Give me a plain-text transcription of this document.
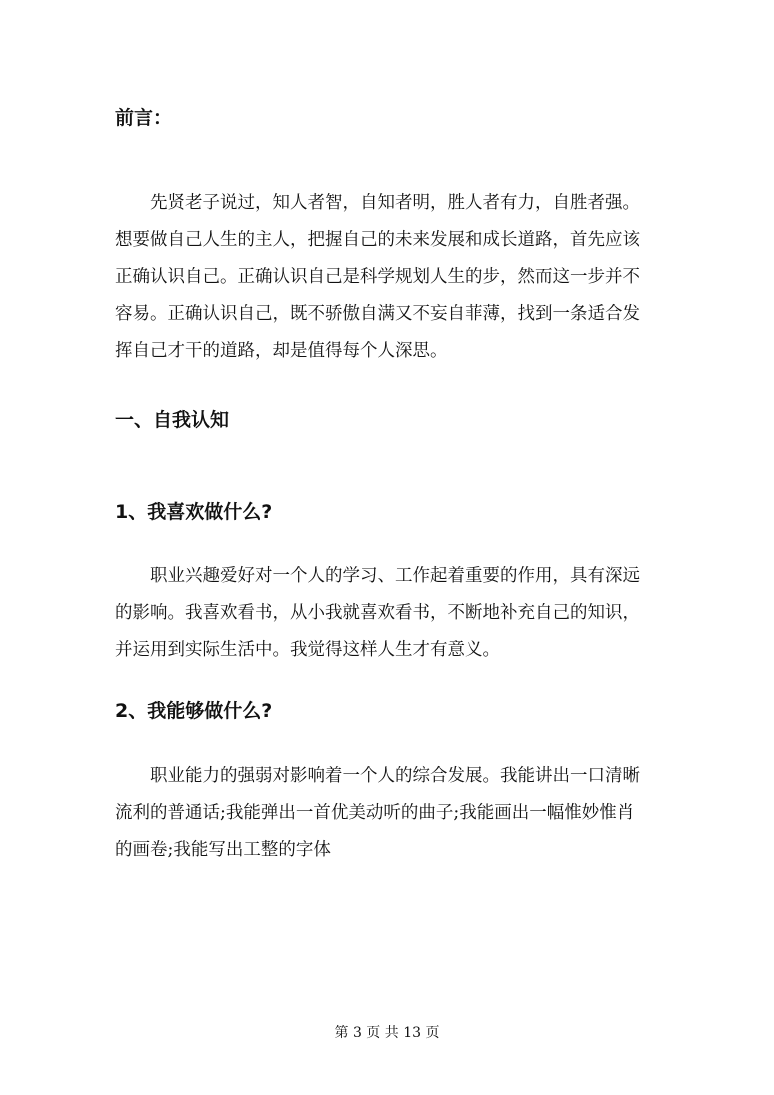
前言：

先贤老子说过，知人者智，自知者明，胜人者有力，自胜者强。
想要做自己人生的主人，把握自己的未来发展和成长道路，首先应该
正确认识自己。正确认识自己是科学规划人生的步，然而这一步并不
容易。正确认识自己，既不骄傲自满又不妄自菲薄，找到一条适合发
挥自己才干的道路，却是值得每个人深思。

一、自我认知
1、我喜欢做什么?

职业兴趣爱好对一个人的学习、工作起着重要的作用，具有深远
的影响。我喜欢看书，从小我就喜欢看书，不断地补充自己的知识，
并运用到实际生活中。我觉得这样人生才有意义。

2、我能够做什么?

职业能力的强弱对影响着一个人的综合发展。我能讲出一口清晰
流利的普通话;我能弹出一首优美动听的曲子;我能画出一幅惟妙惟肖
的画卷;我能写出工整的字体

第 3 页 共 13 页
